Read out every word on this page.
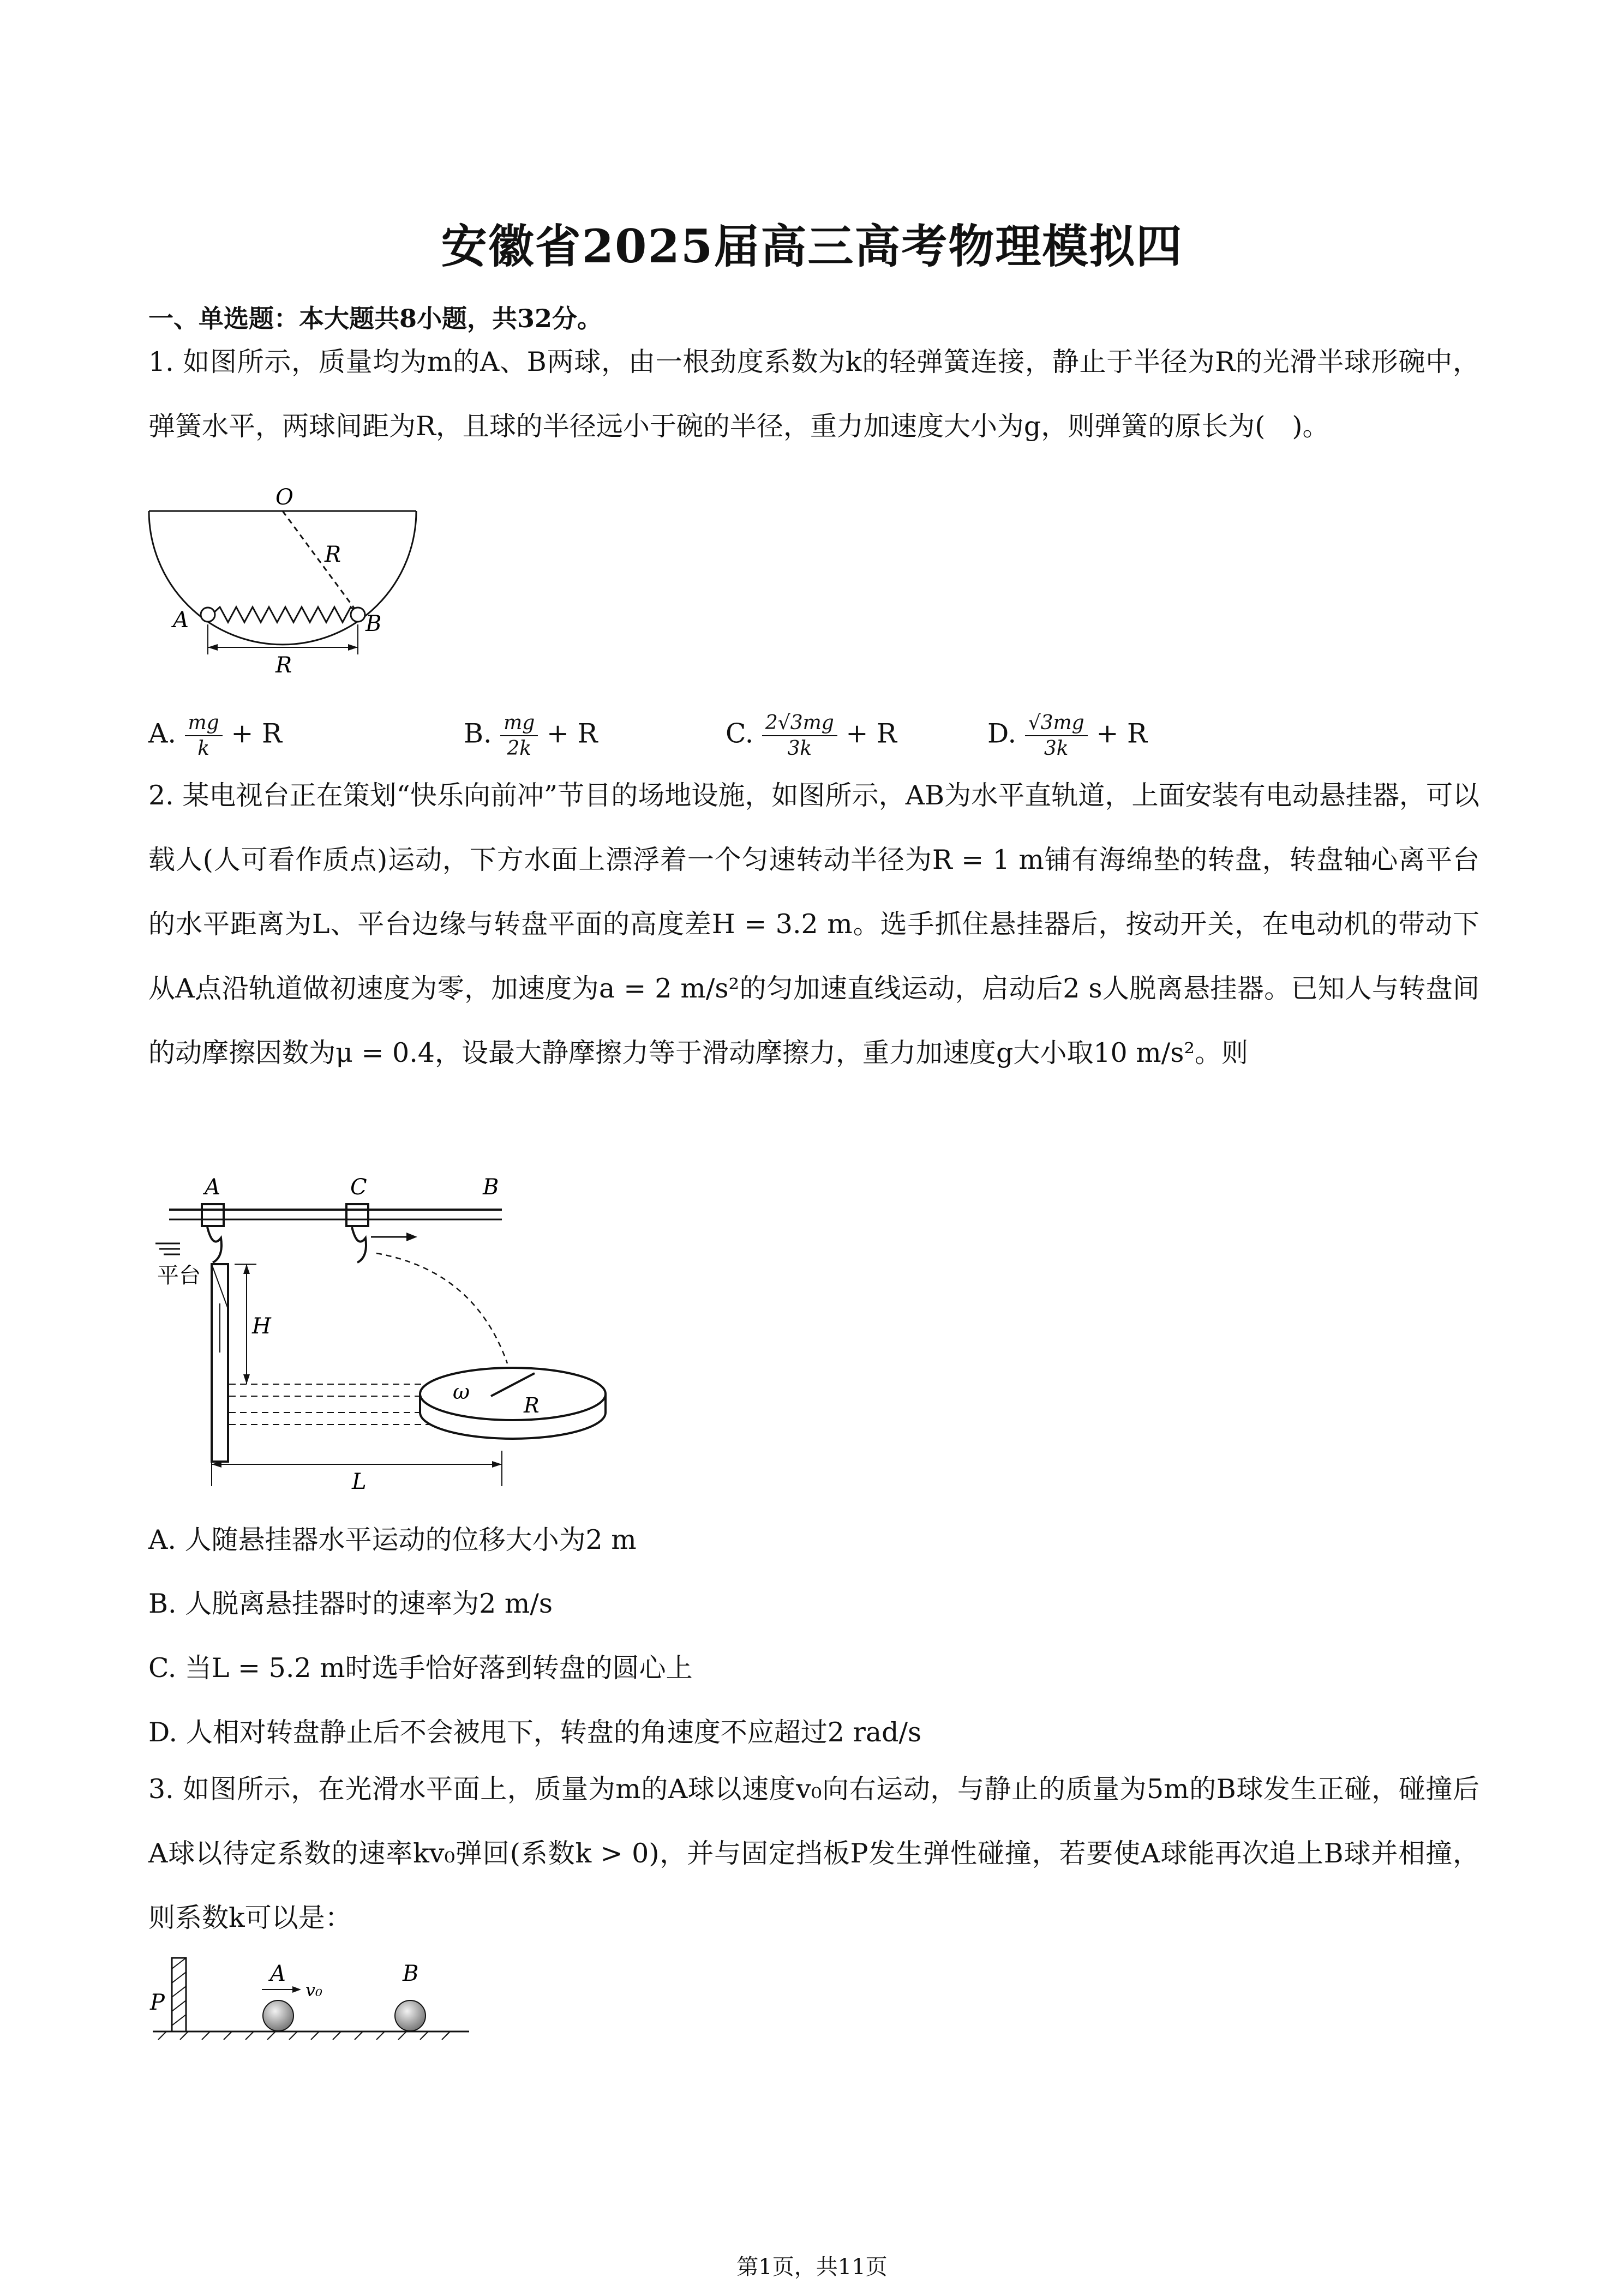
安徽省2025届高三高考物理模拟四
一、单选题：本大题共8小题，共32分。
1. 如图所示，质量均为m的A、B两球，由一根劲度系数为k的轻弹簧连接，静止于半径为R的光滑半球形碗中，弹簧水平，两球间距为R，且球的半径远小于碗的半径，重力加速度大小为g，则弹簧的原长为(　)。
O
R
A	B
R
A. $\frac{mg}{k} + R$	B. $\frac{mg}{2k} + R$	C. $\frac{2√3mg}{3k} + R$	D. $\frac{√3mg}{3k} + R$
2. 某电视台正在策划“快乐向前冲”节目的场地设施，如图所示，AB为水平直轨道，上面安装有电动悬挂器，可以载人(人可看作质点)运动，下方水面上漂浮着一个匀速转动半径为R = 1 m铺有海绵垫的转盘，转盘轴心离平台的水平距离为L、平台边缘与转盘平面的高度差H = 3.2 m。选手抓住悬挂器后，按动开关，在电动机的带动下从A点沿轨道做初速度为零，加速度为a = 2 m/s²的匀加速直线运动，启动后2 s人脱离悬挂器。已知人与转盘间的动摩擦因数为μ = 0.4，设最大静摩擦力等于滑动摩擦力，重力加速度g大小取10 m/s²。则
A	C	B
平台
H
ω
R
L
A. 人随悬挂器水平运动的位移大小为2 m
B. 人脱离悬挂器时的速率为2 m/s
C. 当L = 5.2 m时选手恰好落到转盘的圆心上
D. 人相对转盘静止后不会被甩下，转盘的角速度不应超过2 rad/s
3. 如图所示，在光滑水平面上，质量为m的A球以速度v₀向右运动，与静止的质量为5m的B球发生正碰，碰撞后A球以待定系数的速率kv₀弹回(系数k > 0)，并与固定挡板P发生弹性碰撞，若要使A球能再次追上B球并相撞，则系数k可以是：
P
A
v₀
B
第1页，共11页
